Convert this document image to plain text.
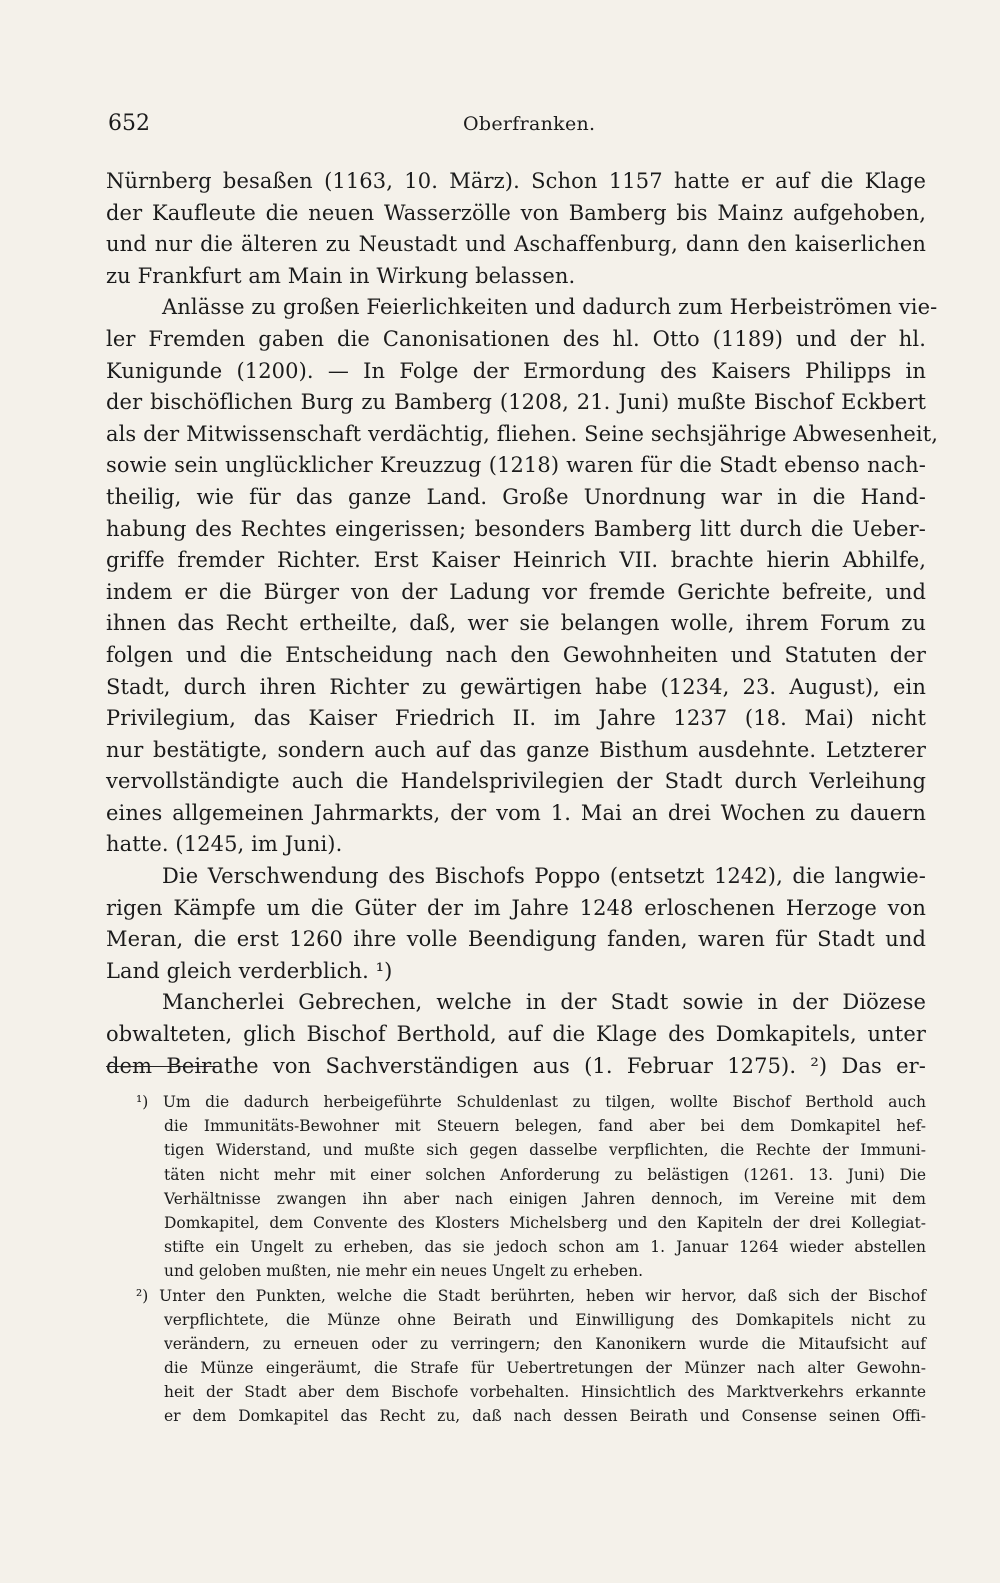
652	Oberfranken.
Nürnberg besaßen (1163, 10. März). Schon 1157 hatte er auf die Klage
der Kaufleute die neuen Wasserzölle von Bamberg bis Mainz aufgehoben,
und nur die älteren zu Neustadt und Aschaffenburg, dann den kaiserlichen
zu Frankfurt am Main in Wirkung belassen.
Anlässe zu großen Feierlichkeiten und dadurch zum Herbeiströmen vie-
ler Fremden gaben die Canonisationen des hl. Otto (1189) und der hl.
Kunigunde (1200). — In Folge der Ermordung des Kaisers Philipps in
der bischöflichen Burg zu Bamberg (1208, 21. Juni) mußte Bischof Eckbert
als der Mitwissenschaft verdächtig, fliehen. Seine sechsjährige Abwesenheit,
sowie sein unglücklicher Kreuzzug (1218) waren für die Stadt ebenso nach-
theilig, wie für das ganze Land. Große Unordnung war in die Hand-
habung des Rechtes eingerissen; besonders Bamberg litt durch die Ueber-
griffe fremder Richter. Erst Kaiser Heinrich VII. brachte hierin Abhilfe,
indem er die Bürger von der Ladung vor fremde Gerichte befreite, und
ihnen das Recht ertheilte, daß, wer sie belangen wolle, ihrem Forum zu
folgen und die Entscheidung nach den Gewohnheiten und Statuten der
Stadt, durch ihren Richter zu gewärtigen habe (1234, 23. August), ein
Privilegium, das Kaiser Friedrich II. im Jahre 1237 (18. Mai) nicht
nur bestätigte, sondern auch auf das ganze Bisthum ausdehnte. Letzterer
vervollständigte auch die Handelsprivilegien der Stadt durch Verleihung
eines allgemeinen Jahrmarkts, der vom 1. Mai an drei Wochen zu dauern
hatte. (1245, im Juni).
Die Verschwendung des Bischofs Poppo (entsetzt 1242), die langwie-
rigen Kämpfe um die Güter der im Jahre 1248 erloschenen Herzoge von
Meran, die erst 1260 ihre volle Beendigung fanden, waren für Stadt und
Land gleich verderblich. ¹)
Mancherlei Gebrechen, welche in der Stadt sowie in der Diözese
obwalteten, glich Bischof Berthold, auf die Klage des Domkapitels, unter
dem Beirathe von Sachverständigen aus (1. Februar 1275). ²) Das er-
¹) Um die dadurch herbeigeführte Schuldenlast zu tilgen, wollte Bischof Berthold auch
die Immunitäts-Bewohner mit Steuern belegen, fand aber bei dem Domkapitel hef-
tigen Widerstand, und mußte sich gegen dasselbe verpflichten, die Rechte der Immuni-
täten nicht mehr mit einer solchen Anforderung zu belästigen (1261. 13. Juni) Die
Verhältnisse zwangen ihn aber nach einigen Jahren dennoch, im Vereine mit dem
Domkapitel, dem Convente des Klosters Michelsberg und den Kapiteln der drei Kollegiat-
stifte ein Ungelt zu erheben, das sie jedoch schon am 1. Januar 1264 wieder abstellen
und geloben mußten, nie mehr ein neues Ungelt zu erheben.
²) Unter den Punkten, welche die Stadt berührten, heben wir hervor, daß sich der Bischof
verpflichtete, die Münze ohne Beirath und Einwilligung des Domkapitels nicht zu
verändern, zu erneuen oder zu verringern; den Kanonikern wurde die Mitaufsicht auf
die Münze eingeräumt, die Strafe für Uebertretungen der Münzer nach alter Gewohn-
heit der Stadt aber dem Bischofe vorbehalten. Hinsichtlich des Marktverkehrs erkannte
er dem Domkapitel das Recht zu, daß nach dessen Beirath und Consense seinen Offi-
